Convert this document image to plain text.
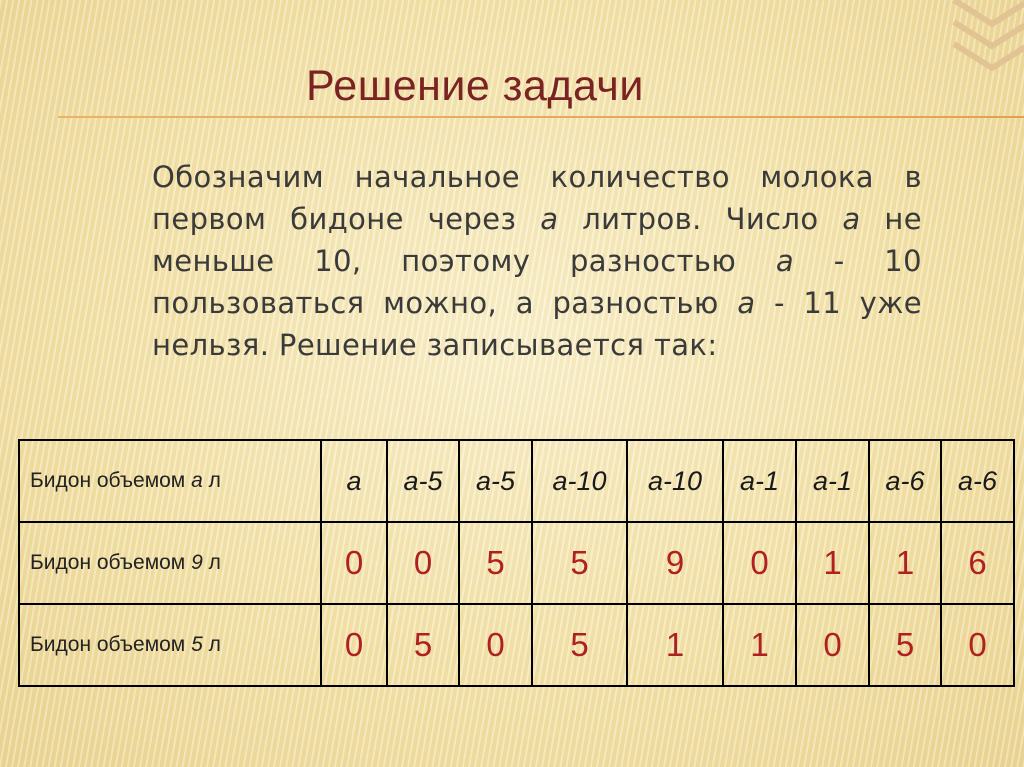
Решение задачи
Обозначим начальное количество молока в первом бидоне через а литров. Число а не меньше 10, поэтому разностью а - 10 пользоваться можно, а разностью а - 11 уже нельзя. Решение записывается так:
Бидон объемом а л	а	а-5	а-5	а-10	а-10	а-1	а-1	а-6	а-6
Бидон объемом 9 л	0	0	5	5	9	0	1	1	6
Бидон объемом 5 л	0	5	0	5	1	1	0	5	0
